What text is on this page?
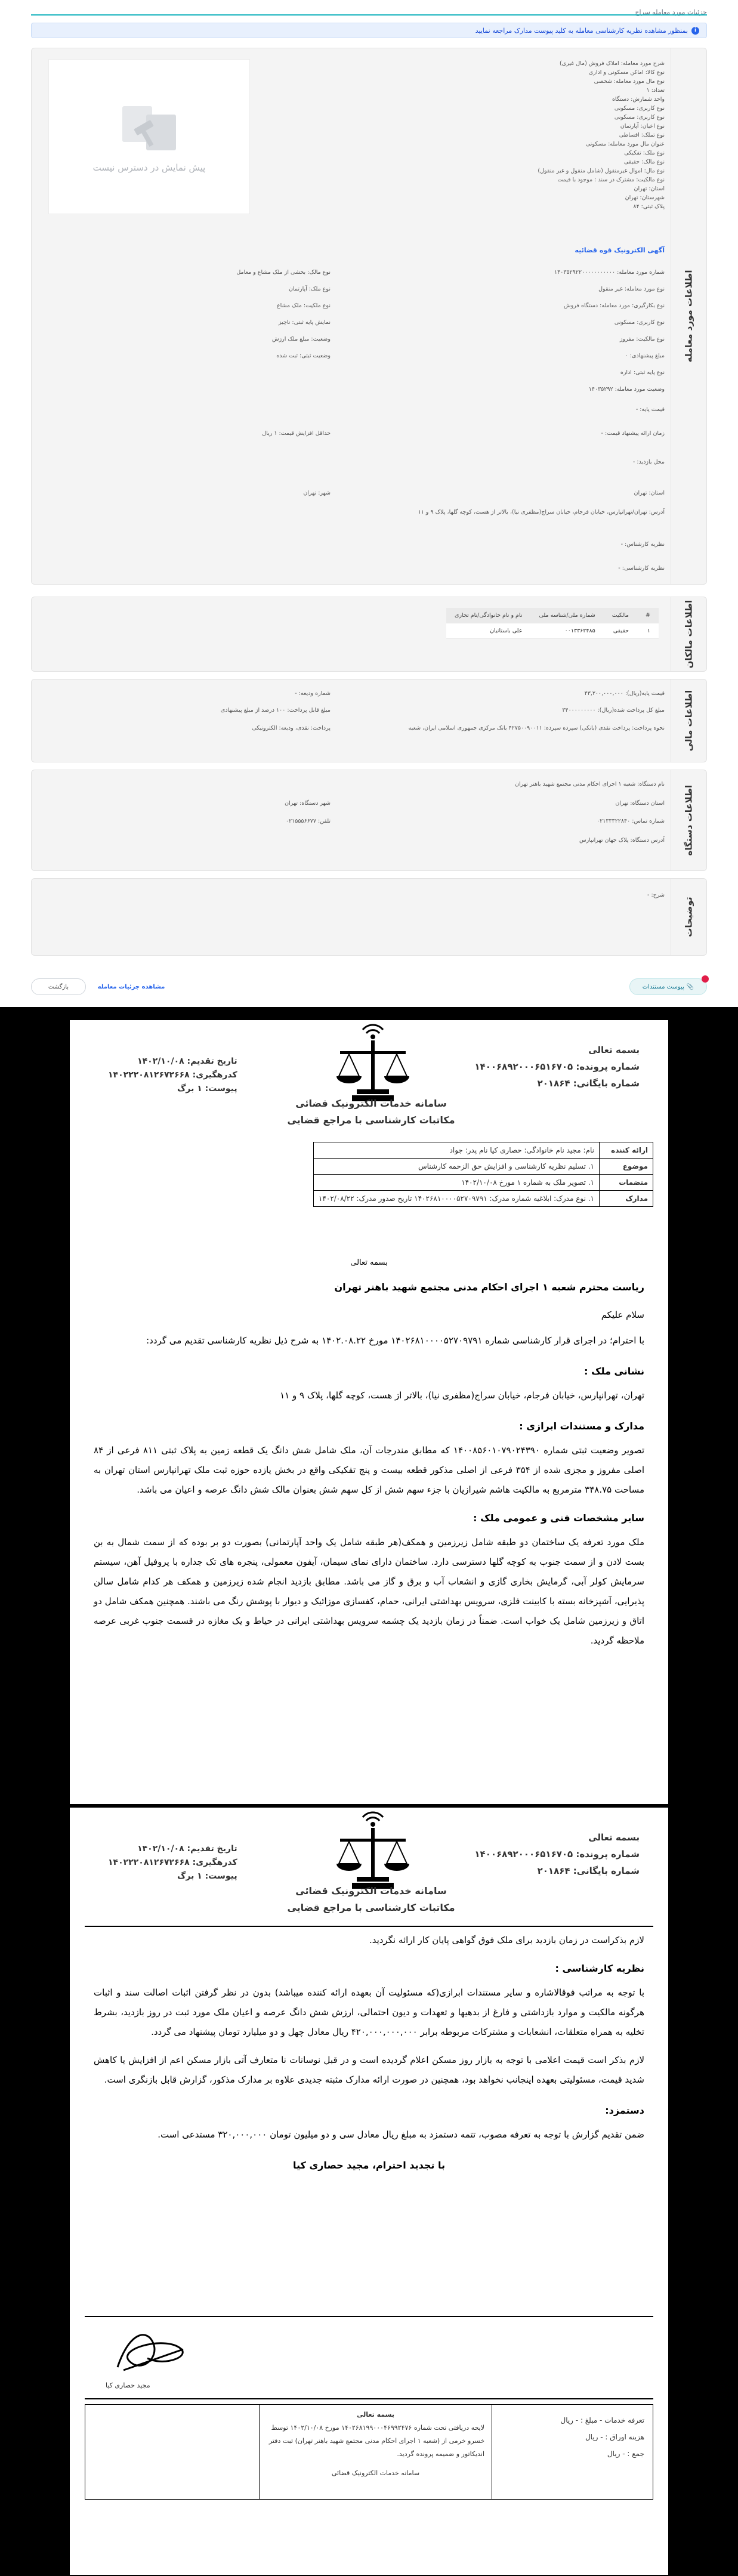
جزئیات مورد معامله سراج
i
بمنظور مشاهده نظریه کارشناسی معامله به کلید پیوست مدارک مراجعه نمایید
اطلاعات مورد معامله
شرح مورد معامله: املاک فروش (مال غیری)
نوع کالا: اماکن مسکونی و اداری
نوع مال مورد معامله: شخصی
تعداد: ۱
واحد شمارش: دستگاه
نوع کاربری: مسکونی
نوع کاربری: مسکونی
نوع اعیان: آپارتمان
نوع تملک: اقساطی
عنوان مال مورد معامله: مسکونی
نوع ملک: تفکیکی
نوع مالک: حقیقی
نوع مال: اموال غیرمنقول (شامل منقول و غیر منقول)
نوع مالکیت: مشترک در سند : موجود با قیمت
استان: تهران
شهرستان: تهران
پلاک ثبتی: ۸۴
پیش نمایش در دسترس نیست
آگهی الکترونیک قوه قضائیه
شماره مورد معامله: ۱۴۰۳۵۲۹۲۲۰۰۰۰۰۰۰۰۰۰۰
نوع مورد معامله: غیر منقول
نوع بکارگیری: مورد معامله: دستگاه فروش
نوع کاربری: مسکونی
نوع مالکیت: مفروز
مبلغ پیشنهادی: ۰
نوع پایه ثبتی: اداره
وضعیت مورد معامله: ۱۴۰۳۵۲۹۲
نوع مالک: بخشی از ملک مشاع و معامل
نوع ملک: آپارتمان
نوع ملکیت: ملک مشاع
نمایش پایه ثبتی: ناچیز
وضعیت: مبلغ ملک ارزش
وضعیت ثبتی: ثبت شده
قیمت پایه: -
زمان ارائه پیشنهاد قیمت: -
حداقل افزایش قیمت: ۱ ریال
محل بازدید: -
استان: تهران
شهر: تهران
آدرس: تهران/تهرانپارس، خیابان فرجام، خیابان سراج(مظفری نیا)، بالاتر از هست، کوچه گلها، پلاک ۹ و ۱۱
نظریه کارشناس: -
نظریه کارشناسی: -
اطلاعات مالکان
#	مالکیت	شماره ملی/شناسه ملی	نام و نام خانوادگی/نام تجاری
۱	حقیقی	۰۰۱۳۳۶۲۴۸۵	علی باستانیان
اطلاعات مالی
قیمت پایه(ریال): ۴۳,۲۰۰,۰۰۰,۰۰۰
شماره ودیعه: -
مبلغ کل پرداخت شده(ریال): ۳۴۰۰۰۰۰۰۰۰۰
مبلغ قابل پرداخت: ۱۰۰ درصد از مبلغ پیشنهادی
نحوه پرداخت: پرداخت نقدی (بانکی) سپرده سپرده: ۴۲۷۵۰۰۹۰۰۱۱ بانک مرکزی جمهوری اسلامی ایران، شعبه
پرداخت: نقدی، ودیعه: الکترونیکی
اطلاعات دستگاه
نام دستگاه: شعبه ۱ اجرای احکام مدنی مجتمع شهید باهنر تهران
استان دستگاه: تهران
شهر دستگاه: تهران
شماره تماس: ۰۲۱۳۳۳۲۲۸۴۰
تلفن: ۰۲۱۵۵۵۶۶۷۷
آدرس دستگاه: پلاک جهان تهرانپارس
توضیحات
شرح: -
📎
پیوست مستندات
بازگشت	مشاهده جزئیات معامله
بسمه تعالی
شماره پرونده: ۱۴۰۰۶۸۹۲۰۰۰۶۵۱۶۷۰۵
شماره بایگانی: ۲۰۱۸۶۴
سامانه خدمات الکترونیک قضائی
مکاتبات کارشناسی با مراجع قضایی
تاریخ تقدیم: ۱۴۰۲/۱۰/۰۸
کدرهگیری: ۱۴۰۲۲۲۰۸۱۲۶۷۲۶۶۸
پیوست: ۱ برگ
ارائه کننده	نام: مجید نام خانوادگی: حصاری کیا نام پدر: جواد
موضوع	۱. تسلیم نظریه کارشناسی و افزایش حق الزحمه کارشناس
منضمات	۱. تصویر ملک به شماره ۱ مورخ ۱۴۰۲/۱۰/۰۸
مدارک	۱. نوع مدرک: ابلاغیه شماره مدرک: ۱۴۰۲۶۸۱۰۰۰۰۵۲۷۰۹۷۹۱ تاریخ صدور مدرک: ۱۴۰۲/۰۸/۲۲
بسمه تعالی
ریاست محترم شعبه ۱ اجرای احکام مدنی مجتمع شهید باهنر تهران
سلام علیکم
با احترام؛ در اجرای قرار کارشناسی شماره ۱۴۰۲۶۸۱۰۰۰۰۵۲۷۰۹۷۹۱ مورخ ۱۴۰۲.۰۸.۲۲ به شرح ذیل نظریه کارشناسی تقدیم می گردد:
نشانی ملک :
تهران، تهرانپارس، خیابان فرجام، خیابان سراج(مظفری نیا)، بالاتر از هست، کوچه گلها، پلاک ۹ و ۱۱
مدارک و مستندات ابرازی :
تصویر وضعیت ثبتی شماره ۱۴۰۰۸۵۶۰۱۰۷۹۰۲۴۳۹۰ که مطابق مندرجات آن، ملک شامل شش دانگ یک قطعه زمین به پلاک ثبتی ۸۱۱ فرعی از ۸۴ اصلی مفروز و مجزی شده از ۳۵۴ فرعی از اصلی مذکور قطعه بیست و پنج تفکیکی واقع در بخش یازده حوزه ثبت ملک تهرانپارس استان تهران به مساحت ۳۴۸.۷۵ مترمربع به مالکیت هاشم شیرازیان با جزء سهم شش از کل سهم شش بعنوان مالک شش دانگ عرصه و اعیان می باشد.
سایر مشخصات فنی و عمومی ملک :
ملک مورد تعرفه یک ساختمان دو طبقه شامل زیرزمین و همکف(هر طبقه شامل یک واحد آپارتمانی) بصورت دو بر بوده که از سمت شمال به بن بست لادن و از سمت جنوب به کوچه گلها دسترسی دارد. ساختمان دارای نمای سیمان، آیفون معمولی، پنجره های تک جداره با پروفیل آهن، سیستم سرمایش کولر آبی، گرمایش بخاری گازی و انشعاب آب و برق و گاز می باشد. مطابق بازدید انجام شده زیرزمین و همکف هر کدام شامل سالن پذیرایی، آشپزخانه بسته با کابینت فلزی، سرویس بهداشتی ایرانی، حمام، کفسازی موزائیک و دیوار با پوشش رنگ می باشند. همچنین همکف شامل دو اتاق و زیرزمین شامل یک خواب است. ضمناً در زمان بازدید یک چشمه سرویس بهداشتی ایرانی در حیاط و یک مغازه در قسمت جنوب غربی عرصه ملاحظه گردید.
بسمه تعالی
شماره پرونده: ۱۴۰۰۶۸۹۲۰۰۰۶۵۱۶۷۰۵
شماره بایگانی: ۲۰۱۸۶۴
سامانه خدمات الکترونیک قضائی
مکاتبات کارشناسی با مراجع قضایی
تاریخ تقدیم: ۱۴۰۲/۱۰/۰۸
کدرهگیری: ۱۴۰۲۲۲۰۸۱۲۶۷۲۶۶۸
پیوست: ۱ برگ
لازم بذکراست در زمان بازدید برای ملک فوق گواهی پایان کار ارائه نگردید.
نظریه کارشناسی :
با توجه به مراتب فوقالاشاره و سایر مستندات ابرازی(که مسئولیت آن بعهده ارائه کننده میباشد) بدون در نظر گرفتن اثبات اصالت سند و اثبات هرگونه مالکیت و موارد بازداشتی و فارغ از بدهیها و تعهدات و دیون احتمالی، ارزش شش دانگ عرصه و اعیان ملک مورد ثبت در روز بازدید، بشرط تخلیه به همراه متعلقات، انشعابات و مشترکات مربوطه برابر ۴۲۰,۰۰۰,۰۰۰,۰۰۰ ریال معادل چهل و دو میلیارد تومان پیشنهاد می گردد.
لازم بذکر است قیمت اعلامی با توجه به بازار روز مسکن اعلام گردیده است و در قبل نوسانات نا متعارف آتی بازار مسکن اعم از افزایش یا کاهش شدید قیمت، مسئولیتی بعهده اینجانب نخواهد بود، همچنین در صورت ارائه مدارک مثبته جدیدی علاوه بر مدارک مذکور، گزارش قابل بازنگری است.
دستمزد:
ضمن تقدیم گزارش با توجه به تعرفه مصوب، تتمه دستمزد به مبلغ ریال معادل سی و دو میلیون تومان ۳۲۰,۰۰۰,۰۰۰ مستدعی است.
با تجدید احترام، مجید حصاری کیا
مجید حصاری کیا
تعرفه خدمات - مبلغ : - ریال
هزینه اوراق : - ریال
جمع : - ریال
بسمه تعالی
لایحه دریافتی تحت شماره ۱۴۰۲۶۸۱۹۹۰۰۰۴۶۹۹۲۴۷۶ مورخ ۱۴۰۲/۱۰/۰۸ توسط خسرو خرمی از (شعبه ۱ اجرای احکام مدنی مجتمع شهید باهنر تهران) ثبت دفتر اندیکاتور و ضمیمه پرونده گردید.
سامانه خدمات الکترونیک قضائی
